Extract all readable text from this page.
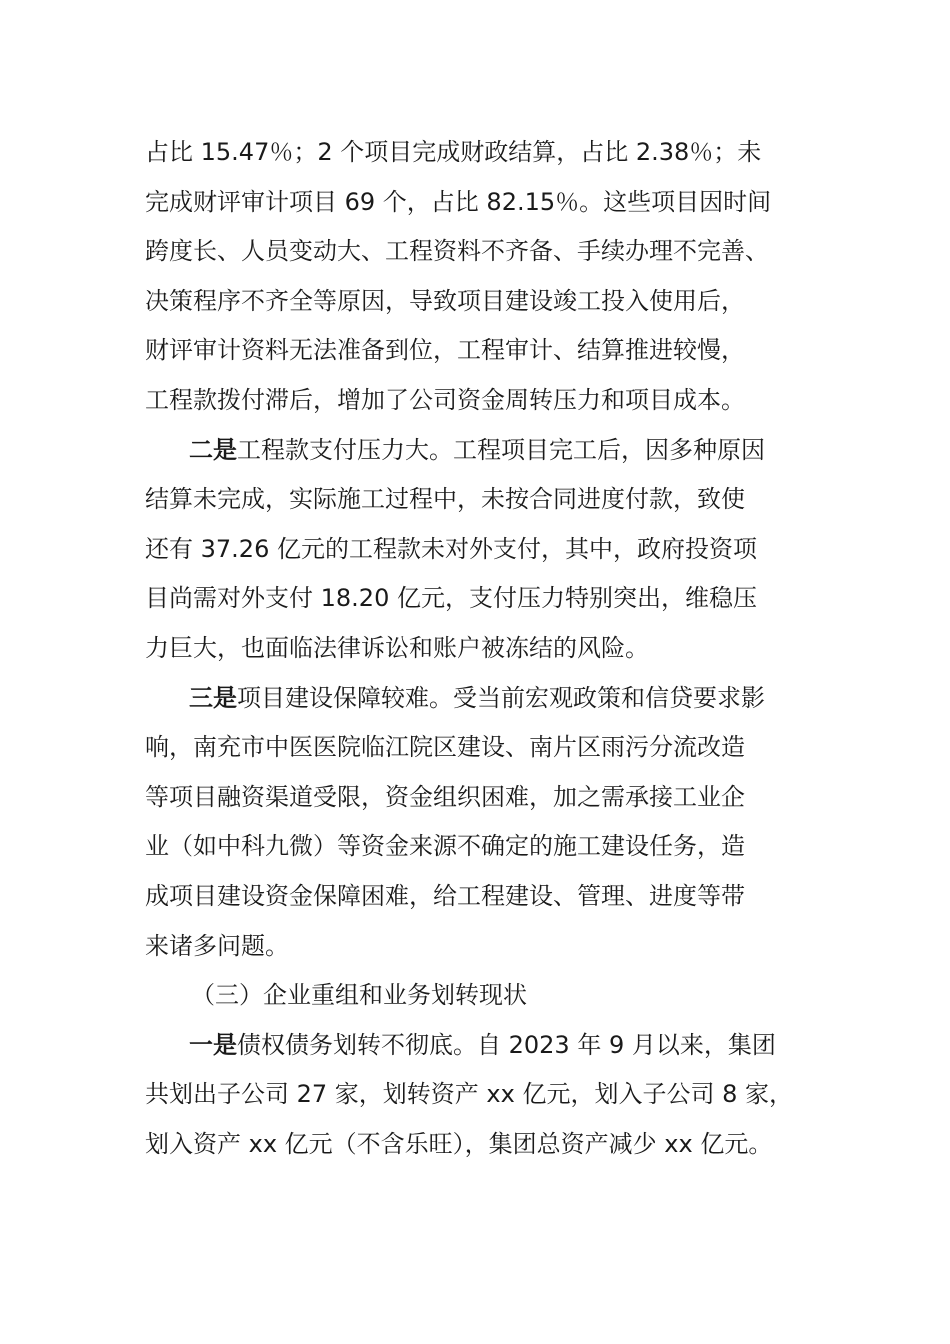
占比 15.47％；2 个项目完成财政结算，占比 2.38％；未
完成财评审计项目 69 个，占比 82.15％。这些项目因时间
跨度长、人员变动大、工程资料不齐备、手续办理不完善、
决策程序不齐全等原因，导致项目建设竣工投入使用后，
财评审计资料无法准备到位，工程审计、结算推进较慢，
工程款拨付滞后，增加了公司资金周转压力和项目成本。
二是工程款支付压力大。工程项目完工后，因多种原因
结算未完成，实际施工过程中，未按合同进度付款，致使
还有 37.26 亿元的工程款未对外支付，其中，政府投资项
目尚需对外支付 18.20 亿元，支付压力特别突出，维稳压
力巨大，也面临法律诉讼和账户被冻结的风险。
三是项目建设保障较难。受当前宏观政策和信贷要求影
响，南充市中医医院临江院区建设、南片区雨污分流改造
等项目融资渠道受限，资金组织困难，加之需承接工业企
业（如中科九微）等资金来源不确定的施工建设任务，造
成项目建设资金保障困难，给工程建设、管理、进度等带
来诸多问题。
（三）企业重组和业务划转现状
一是债权债务划转不彻底。自 2023 年 9 月以来，集团
共划出子公司 27 家，划转资产 xx 亿元，划入子公司 8 家，
划入资产 xx 亿元（不含乐旺），集团总资产减少 xx 亿元。
